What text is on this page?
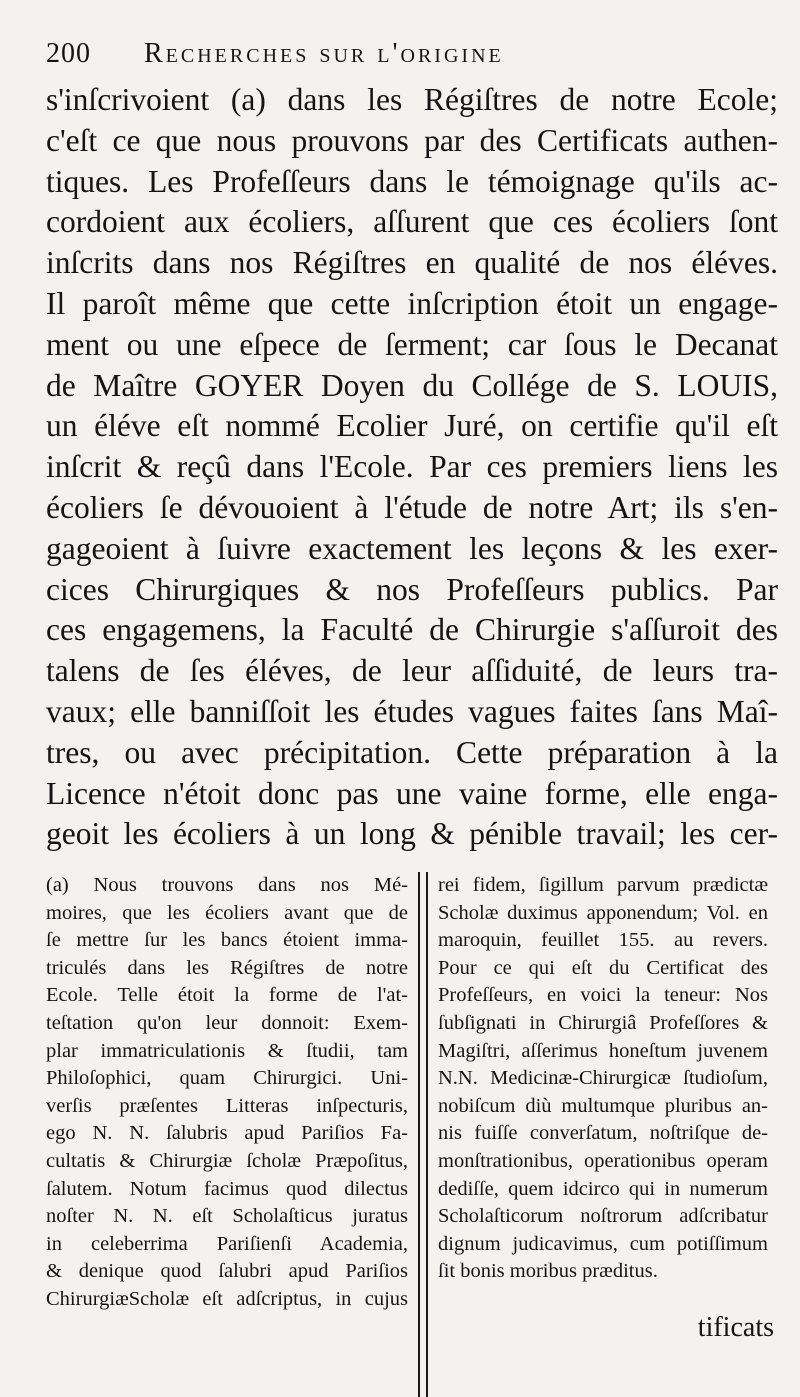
200	Recherches sur l'origine
s'inſcrivoient (a) dans les Régiſtres de notre Ecole;
c'eſt ce que nous prouvons par des Certificats authen-
tiques. Les Profeſſeurs dans le témoignage qu'ils ac-
cordoient aux écoliers, aſſurent que ces écoliers ſont
inſcrits dans nos Régiſtres en qualité de nos éléves.
Il paroît même que cette inſcription étoit un engage-
ment ou une eſpece de ſerment; car ſous le Decanat
de Maître GOYER Doyen du Collége de S. LOUIS,
un éléve eſt nommé Ecolier Juré, on certifie qu'il eſt
inſcrit & reçû dans l'Ecole. Par ces premiers liens les
écoliers ſe dévouoient à l'étude de notre Art; ils s'en-
gageoient à ſuivre exactement les leçons & les exer-
cices Chirurgiques & nos Profeſſeurs publics. Par
ces engagemens, la Faculté de Chirurgie s'aſſuroit des
talens de ſes éléves, de leur aſſiduité, de leurs tra-
vaux; elle banniſſoit les études vagues faites ſans Maî-
tres, ou avec précipitation. Cette préparation à la
Licence n'étoit donc pas une vaine forme, elle enga-
geoit les écoliers à un long & pénible travail; les cer-
(a) Nous trouvons dans nos Mé-
moires, que les écoliers avant que de
ſe mettre ſur les bancs étoient imma-
triculés dans les Régiſtres de notre
Ecole. Telle étoit la forme de l'at-
teſtation qu'on leur donnoit: Exem-
plar immatriculationis & ſtudii, tam
Philoſophici, quam Chirurgici. Uni-
verſis præſentes Litteras inſpecturis,
ego N. N. ſalubris apud Pariſios Fa-
cultatis & Chirurgiæ ſcholæ Præpoſitus,
ſalutem. Notum facimus quod dilectus
noſter N. N. eſt Scholaſticus juratus
in celeberrima Pariſienſi Academia,
& denique quod ſalubri apud Pariſios
ChirurgiæScholæ eſt adſcriptus, in cujus
rei fidem, ſigillum parvum prædictæ
Scholæ duximus apponendum; Vol. en
maroquin, feuillet 155. au revers.
Pour ce qui eſt du Certificat des
Profeſſeurs, en voici la teneur: Nos
ſubſignati in Chirurgiâ Profeſſores &
Magiſtri, aſſerimus honeſtum juvenem
N.N. Medicinæ-Chirurgicæ ſtudioſum,
nobiſcum diù multumque pluribus an-
nis fuiſſe converſatum, noſtriſque de-
monſtrationibus, operationibus operam
dediſſe, quem idcirco qui in numerum
Scholaſticorum noſtrorum adſcribatur
dignum judicavimus, cum potiſſimum
ſit bonis moribus præditus.
tificats
